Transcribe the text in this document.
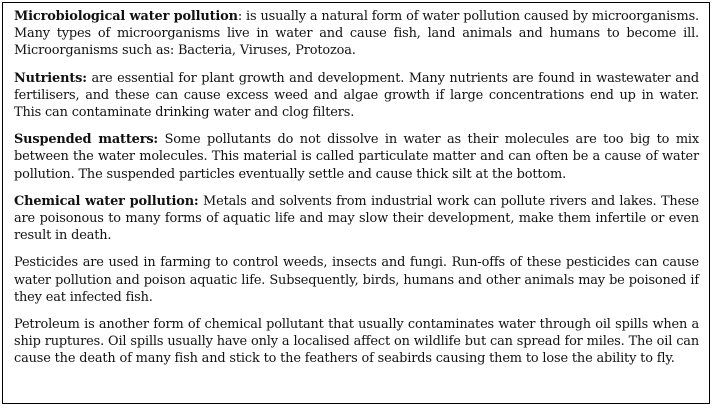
Microbiological water pollution: is usually a natural form of water pollution caused by microorganisms. Many types of microorganisms live in water and cause fish, land animals and humans to become ill. Microorganisms such as: Bacteria, Viruses, Protozoa.

Nutrients: are essential for plant growth and development. Many nutrients are found in wastewater and fertilisers, and these can cause excess weed and algae growth if large concentrations end up in water. This can contaminate drinking water and clog filters.

Suspended matters: Some pollutants do not dissolve in water as their molecules are too big to mix between the water molecules. This material is called particulate matter and can often be a cause of water pollution. The suspended particles eventually settle and cause thick silt at the bottom.

Chemical water pollution: Metals and solvents from industrial work can pollute rivers and lakes. These are poisonous to many forms of aquatic life and may slow their development, make them infertile or even result in death.

Pesticides are used in farming to control weeds, insects and fungi. Run-offs of these pesticides can cause water pollution and poison aquatic life. Subsequently, birds, humans and other animals may be poisoned if they eat infected fish.

Petroleum is another form of chemical pollutant that usually contaminates water through oil spills when a ship ruptures. Oil spills usually have only a localised affect on wildlife but can spread for miles. The oil can cause the death of many fish and stick to the feathers of seabirds causing them to lose the ability to fly.
